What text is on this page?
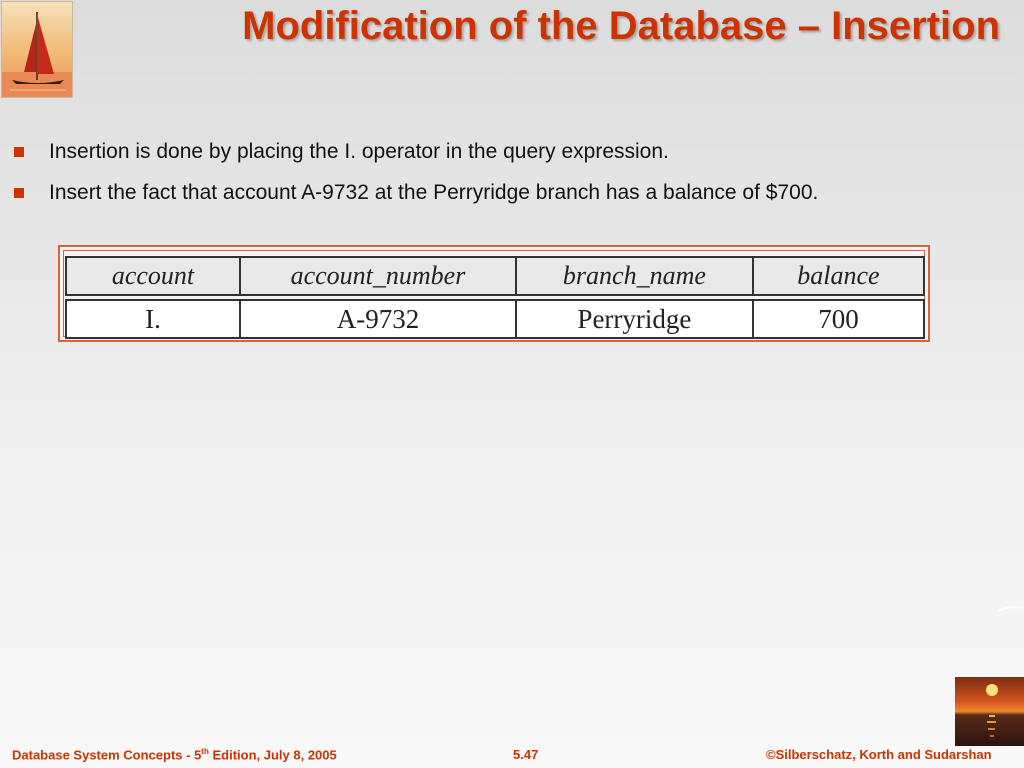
Modification of the Database – Insertion
Insertion is done by placing the I. operator in the query expression.
Insert the fact that account A-9732 at the Perryridge branch has a balance of $700.
account	account_number	branch_name	balance

I.	A-9732	Perryridge	700
Database System Concepts - 5th Edition, July 8, 2005	5.47	©Silberschatz, Korth and Sudarshan
